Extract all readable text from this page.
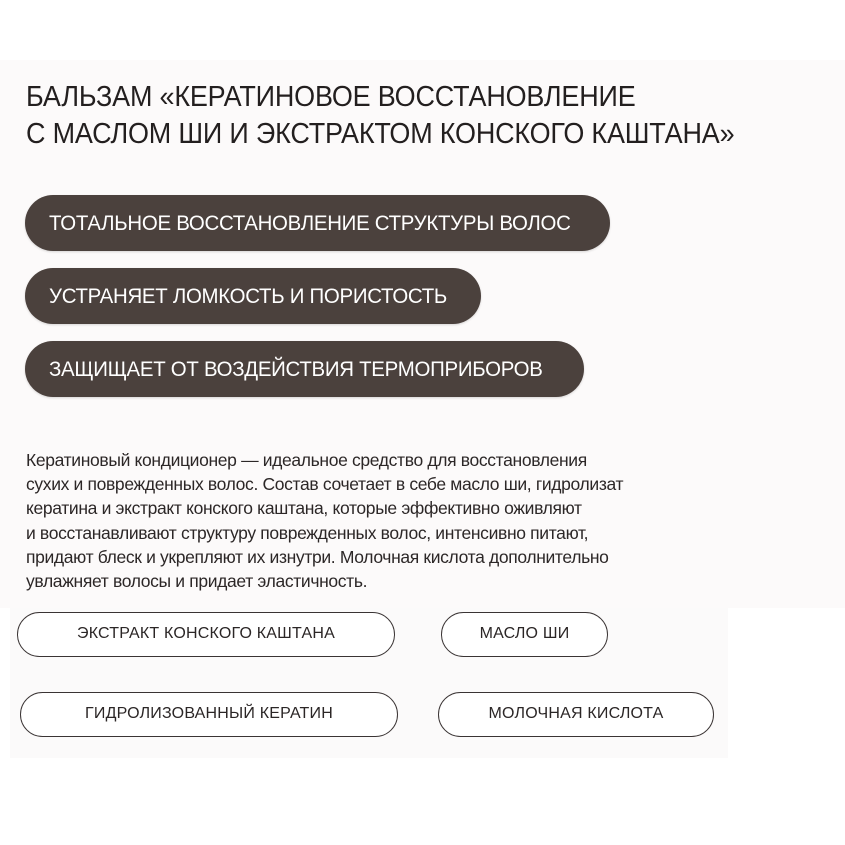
БАЛЬЗАМ «КЕРАТИНОВОЕ ВОССТАНОВЛЕНИЕ
С МАСЛОМ ШИ И ЭКСТРАКТОМ КОНСКОГО КАШТАНА»
ТОТАЛЬНОЕ ВОССТАНОВЛЕНИЕ СТРУКТУРЫ ВОЛОС
УСТРАНЯЕТ ЛОМКОСТЬ И ПОРИСТОСТЬ
ЗАЩИЩАЕТ ОТ ВОЗДЕЙСТВИЯ ТЕРМОПРИБОРОВ

Кератиновый кондиционер — идеальное средство для восстановления
сухих и поврежденных волос. Состав сочетает в себе масло ши, гидролизат
кератина и экстракт конского каштана, которые эффективно оживляют
и восстанавливают структуру поврежденных волос, интенсивно питают,
придают блеск и укрепляют их изнутри. Молочная кислота дополнительно
увлажняет волосы и придает эластичность.

ЭКСТРАКТ КОНСКОГО КАШТАНА	МАСЛО ШИ
ГИДРОЛИЗОВАННЫЙ КЕРАТИН	МОЛОЧНАЯ КИСЛОТА
